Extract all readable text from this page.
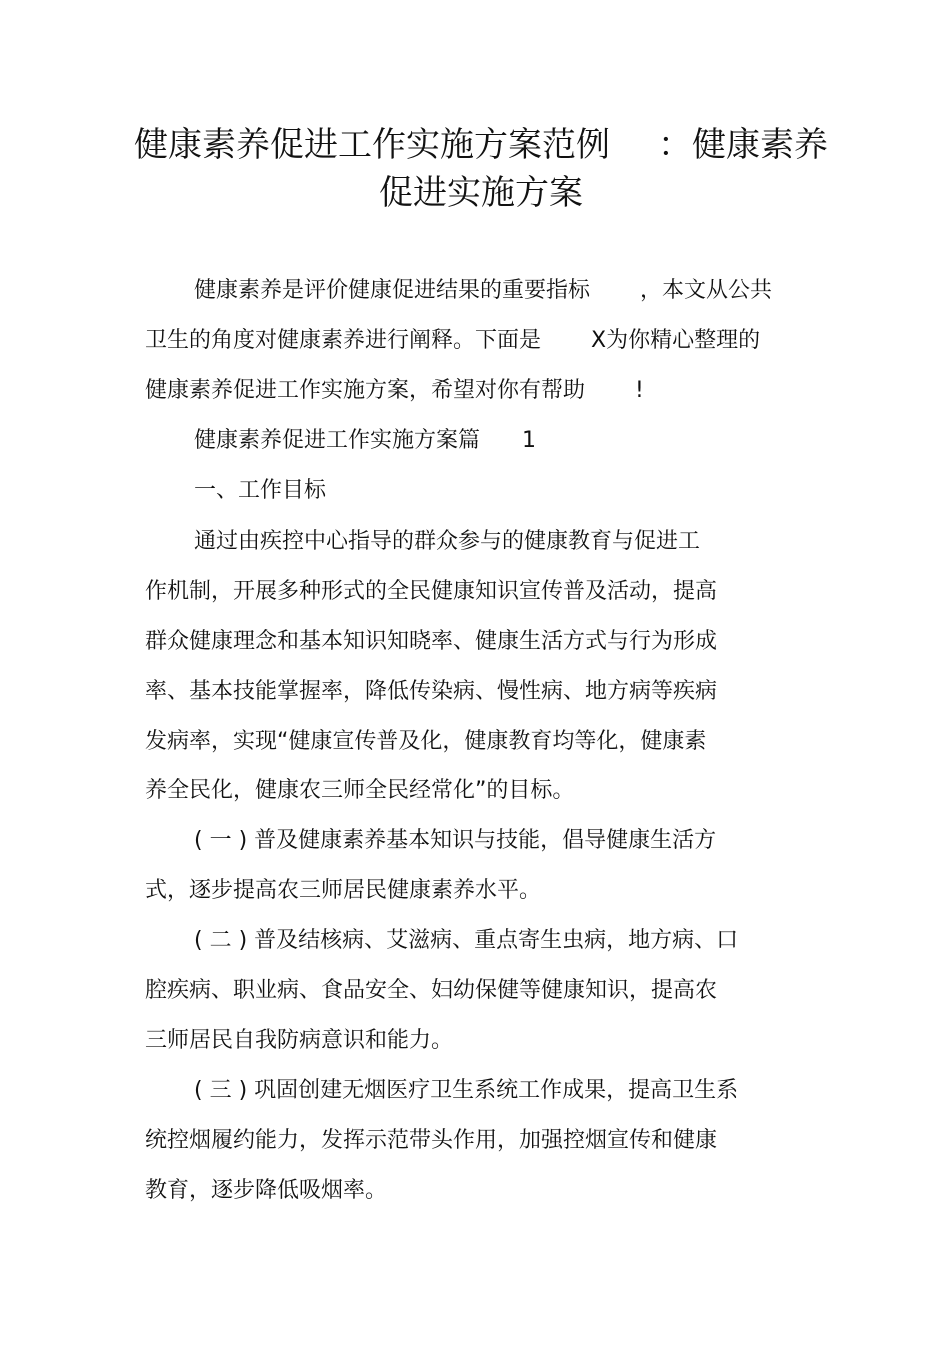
健康素养促进工作实施方案范例 ：健康素养
促进实施方案
健康素养是评价健康促进结果的重要指标 ，本文从公共
卫生的角度对健康素养进行阐释。下面是 X为你精心整理的
健康素养促进工作实施方案，希望对你有帮助 !
健康素养促进工作实施方案篇 1
一、工作目标
通过由疾控中心指导的群众参与的健康教育与促进工
作机制，开展多种形式的全民健康知识宣传普及活动，提高
群众健康理念和基本知识知晓率、健康生活方式与行为形成
率、基本技能掌握率，降低传染病、慢性病、地方病等疾病
发病率，实现“健康宣传普及化，健康教育均等化，健康素
养全民化，健康农三师全民经常化”的目标。
( 一 ) 普及健康素养基本知识与技能，倡导健康生活方
式，逐步提高农三师居民健康素养水平。
( 二 ) 普及结核病、艾滋病、重点寄生虫病，地方病、口
腔疾病、职业病、食品安全、妇幼保健等健康知识，提高农
三师居民自我防病意识和能力。
( 三 ) 巩固创建无烟医疗卫生系统工作成果，提高卫生系
统控烟履约能力，发挥示范带头作用，加强控烟宣传和健康
教育，逐步降低吸烟率。
